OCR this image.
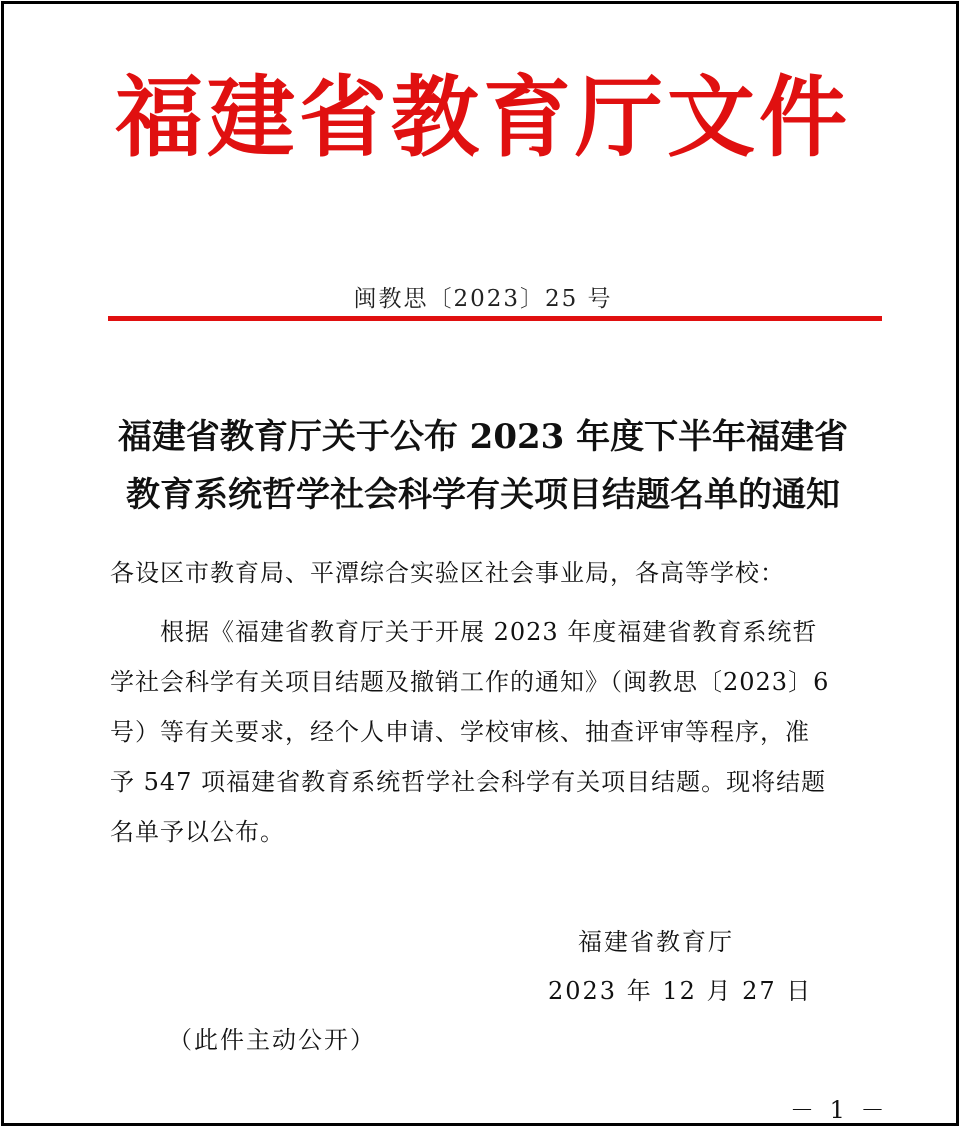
福建省教育厅文件
闽教思〔2023〕25 号
福建省教育厅关于公布 2023 年度下半年福建省
教育系统哲学社会科学有关项目结题名单的通知
各设区市教育局、平潭综合实验区社会事业局，各高等学校：
根据《福建省教育厅关于开展 2023 年度福建省教育系统哲
学社会科学有关项目结题及撤销工作的通知》（闽教思〔2023〕6
号）等有关要求，经个人申请、学校审核、抽查评审等程序，准
予 547 项福建省教育系统哲学社会科学有关项目结题。现将结题
名单予以公布。
福建省教育厅
2023 年 12 月 27 日
（此件主动公开）
－ 1 －
